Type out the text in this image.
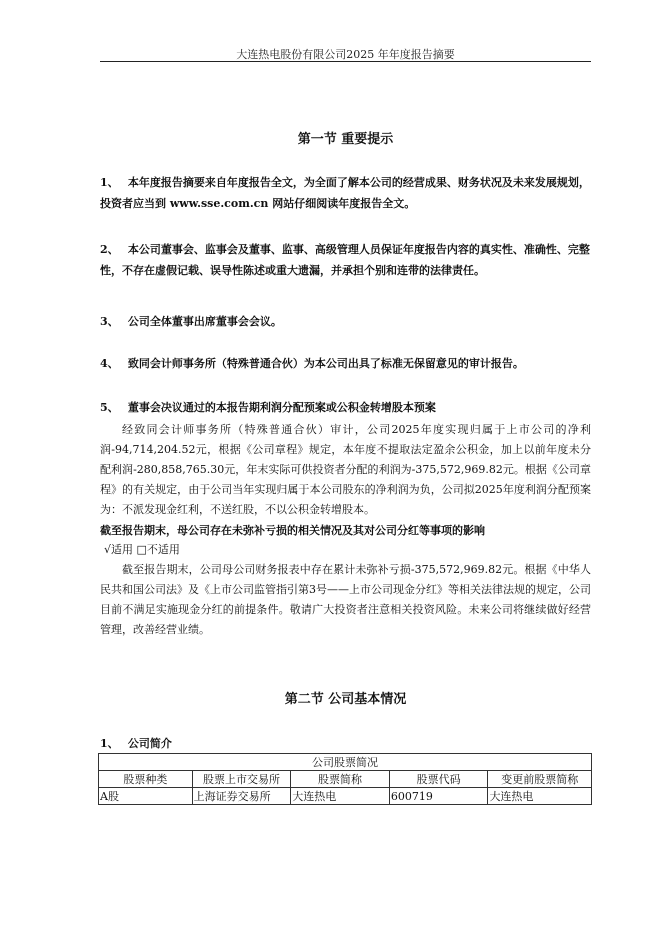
大连热电股份有限公司2025 年年度报告摘要
第一节 重要提示
1、 本年度报告摘要来自年度报告全文，为全面了解本公司的经营成果、财务状况及未来发展规划，投资者应当到 www.sse.com.cn 网站仔细阅读年度报告全文。
2、 本公司董事会、监事会及董事、监事、高级管理人员保证年度报告内容的真实性、准确性、完整性，不存在虚假记载、误导性陈述或重大遗漏，并承担个别和连带的法律责任。
3、 公司全体董事出席董事会会议。
4、 致同会计师事务所（特殊普通合伙）为本公司出具了标准无保留意见的审计报告。
5、 董事会决议通过的本报告期利润分配预案或公积金转增股本预案
经致同会计师事务所（特殊普通合伙）审计，公司2025年度实现归属于上市公司的净利润-94,714,204.52元，根据《公司章程》规定，本年度不提取法定盈余公积金，加上以前年度未分配利润-280,858,765.30元，年末实际可供投资者分配的利润为-375,572,969.82元。根据《公司章程》的有关规定，由于公司当年实现归属于本公司股东的净利润为负，公司拟2025年度利润分配预案为：不派发现金红利，不送红股，不以公积金转增股本。
截至报告期末，母公司存在未弥补亏损的相关情况及其对公司分红等事项的影响
√适用 □不适用
截至报告期末，公司母公司财务报表中存在累计未弥补亏损-375,572,969.82元。根据《中华人民共和国公司法》及《上市公司监管指引第3号——上市公司现金分红》等相关法律法规的规定，公司目前不满足实施现金分红的前提条件。敬请广大投资者注意相关投资风险。未来公司将继续做好经营管理，改善经营业绩。
第二节 公司基本情况
1、 公司简介
公司股票简况				
股票种类	股票上市交易所	股票简称	股票代码	变更前股票简称
A股	上海证券交易所	大连热电	600719	大连热电
